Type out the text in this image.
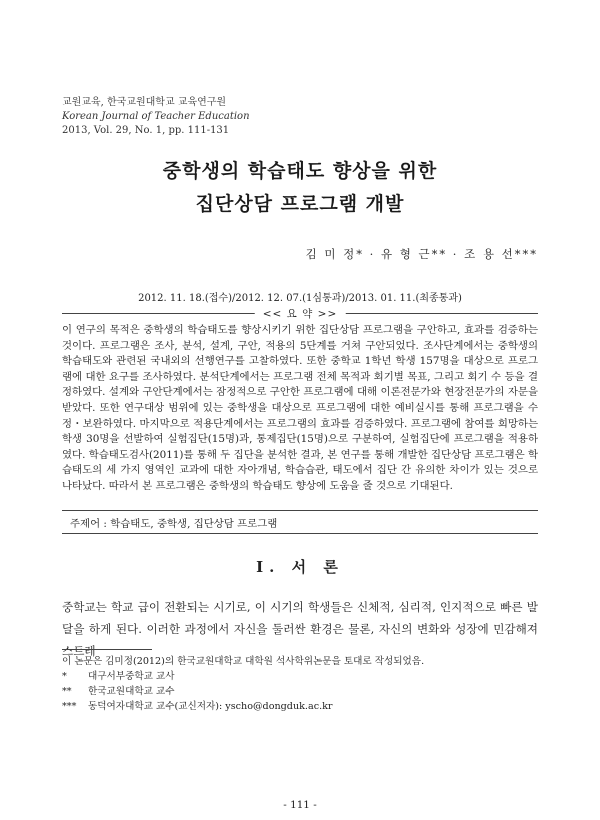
교원교육, 한국교원대학교 교육연구원
Korean Journal of Teacher Education
2013, Vol. 29, No. 1, pp. 111-131
중학생의 학습태도 향상을 위한
집단상담 프로그램 개발
김 미 정* · 유 형 근** · 조 용 선***
2012. 11. 18.(접수)/2012. 12. 07.(1심통과)/2013. 01. 11.(최종통과)
<< 요 약 >>
이 연구의 목적은 중학생의 학습태도를 향상시키기 위한 집단상담 프로그램을 구안하고, 효과를 검증하는 것이다. 프로그램은 조사, 분석, 설계, 구안, 적용의 5단계를 거쳐 구안되었다. 조사단계에서는 중학생의 학습태도와 관련된 국내외의 선행연구를 고찰하였다. 또한 중학교 1학년 학생 157명을 대상으로 프로그램에 대한 요구를 조사하였다. 분석단계에서는 프로그램 전체 목적과 회기별 목표, 그리고 회기 수 등을 결정하였다. 설계와 구안단계에서는 잠정적으로 구안한 프로그램에 대해 이론전문가와 현장전문가의 자문을 받았다. 또한 연구대상 범위에 있는 중학생을 대상으로 프로그램에 대한 예비실시를 통해 프로그램을 수정・보완하였다. 마지막으로 적용단계에서는 프로그램의 효과를 검증하였다. 프로그램에 참여를 희망하는 학생 30명을 선발하여 실험집단(15명)과, 통제집단(15명)으로 구분하여, 실험집단에 프로그램을 적용하였다. 학습태도검사(2011)를 통해 두 집단을 분석한 결과, 본 연구를 통해 개발한 집단상담 프로그램은 학습태도의 세 가지 영역인 교과에 대한 자아개념, 학습습관, 태도에서 집단 간 유의한 차이가 있는 것으로 나타났다. 따라서 본 프로그램은 중학생의 학습태도 향상에 도움을 줄 것으로 기대된다.
주제어 : 학습태도, 중학생, 집단상담 프로그램
Ⅰ. 서 론
중학교는 학교 급이 전환되는 시기로, 이 시기의 학생들은 신체적, 심리적, 인지적으로 빠른 발달을 하게 된다. 이러한 과정에서 자신을 둘러싼 환경은 물론, 자신의 변화와 성장에 민감해져 스트레
이 논문은 김미정(2012)의 한국교원대학교 대학원 석사학위논문을 토대로 작성되었음.
*	대구서부중학교 교사
**	한국교원대학교 교수
***	동덕여자대학교 교수(교신저자): yscho@dongduk.ac.kr
- 111 -
